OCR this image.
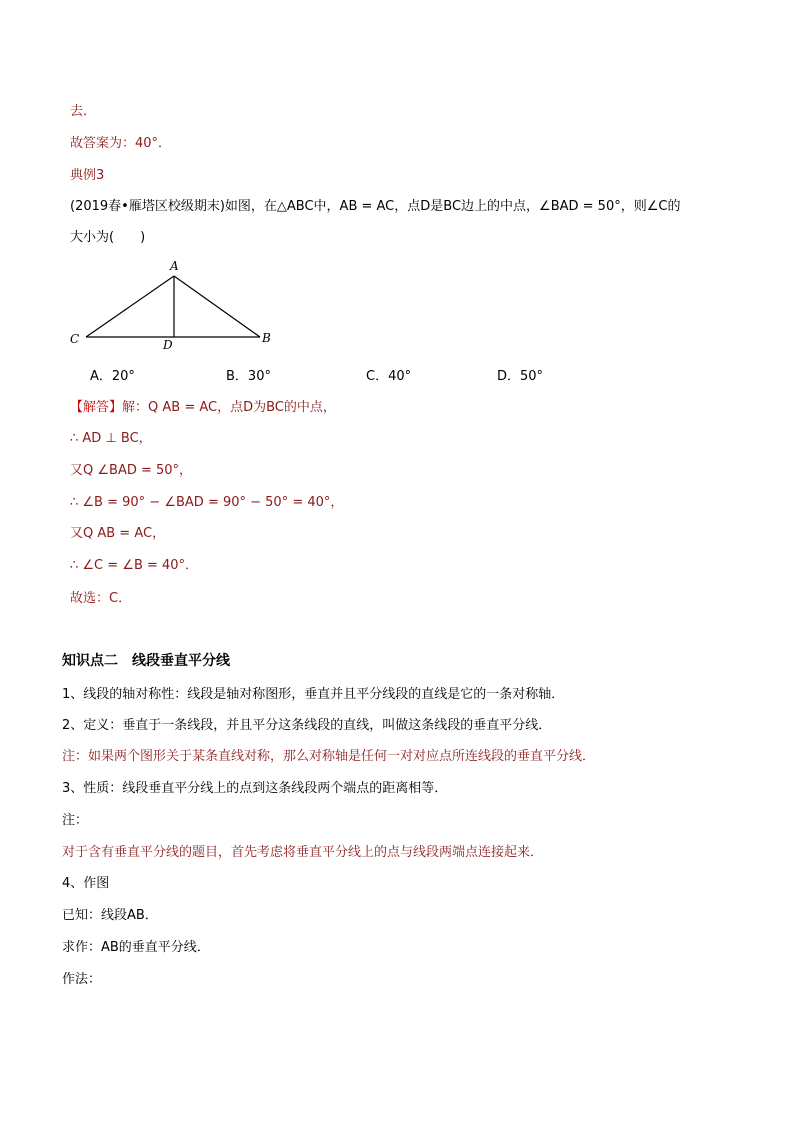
去．
故答案为：40°．
典例3
(2019春•雁塔区校级期末)如图，在△ABC中，AB = AC，点D是BC边上的中点，∠BAD = 50°，则∠C的
大小为(　　)
A
B
C	D
A．20°	B．30°	C．40°	D．50°
【解答】解：Q AB = AC，点D为BC的中点，
∴ AD ⊥ BC，
又Q ∠BAD = 50°，
∴ ∠B = 90° − ∠BAD = 90° − 50° = 40°，
又Q AB = AC，
∴ ∠C = ∠B = 40°．
故选：C．
知识点二　线段垂直平分线
1、线段的轴对称性：线段是轴对称图形，垂直并且平分线段的直线是它的一条对称轴．
2、定义：垂直于一条线段，并且平分这条线段的直线，叫做这条线段的垂直平分线．
注：如果两个图形关于某条直线对称，那么对称轴是任何一对对应点所连线段的垂直平分线．
3、性质：线段垂直平分线上的点到这条线段两个端点的距离相等．
注：
对于含有垂直平分线的题目，首先考虑将垂直平分线上的点与线段两端点连接起来．
4、作图
已知：线段AB．
求作：AB的垂直平分线．
作法：
